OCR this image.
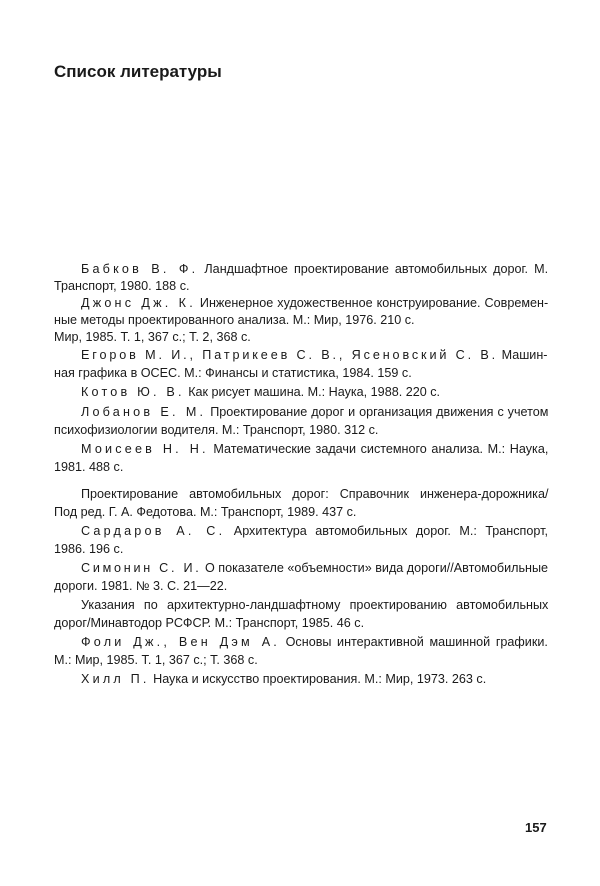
Список литературы
Бабков В. Ф. Ландшафтное проектирование автомобильных дорог. М.
Транспорт, 1980. 188 с.
Джонс Дж. К. Инженерное художественное конструирование. Современ-
ные методы проектированного анализа. М.: Мир, 1976. 210 с.
Мир, 1985. Т. 1, 367 с.; Т. 2, 368 с.
Егоров М. И., Патрикеев С. В., Ясеновский С. В. Машин-
ная графика в ОСЕС. М.: Финансы и статистика, 1984. 159 с.
Котов Ю. В. Как рисует машина. М.: Наука, 1988. 220 с.
Лобанов Е. М. Проектирование дорог и организация движения с учетом
психофизиологии водителя. М.: Транспорт, 1980. 312 с.
Моисеев Н. Н. Математические задачи системного анализа. М.: Наука,
1981. 488 с.
Проектирование автомобильных дорог: Справочник инженера-дорожника/
Под ред. Г. А. Федотова. М.: Транспорт, 1989. 437 с.
Сардаров А. С. Архитектура автомобильных дорог. М.: Транспорт,
1986. 196 с.
Симонин С. И. О показателе «объемности» вида дороги//Автомобильные
дороги. 1981. № 3. С. 21—22.
Указания по архитектурно-ландшафтному проектированию автомобильных
дорог/Минавтодор РСФСР. М.: Транспорт, 1985. 46 с.
Фоли Дж., Вен Дэм А. Основы интерактивной машинной графики.
М.: Мир, 1985. Т. 1, 367 с.; Т. 368 с.
Хилл П. Наука и искусство проектирования. М.: Мир, 1973. 263 с.
157
